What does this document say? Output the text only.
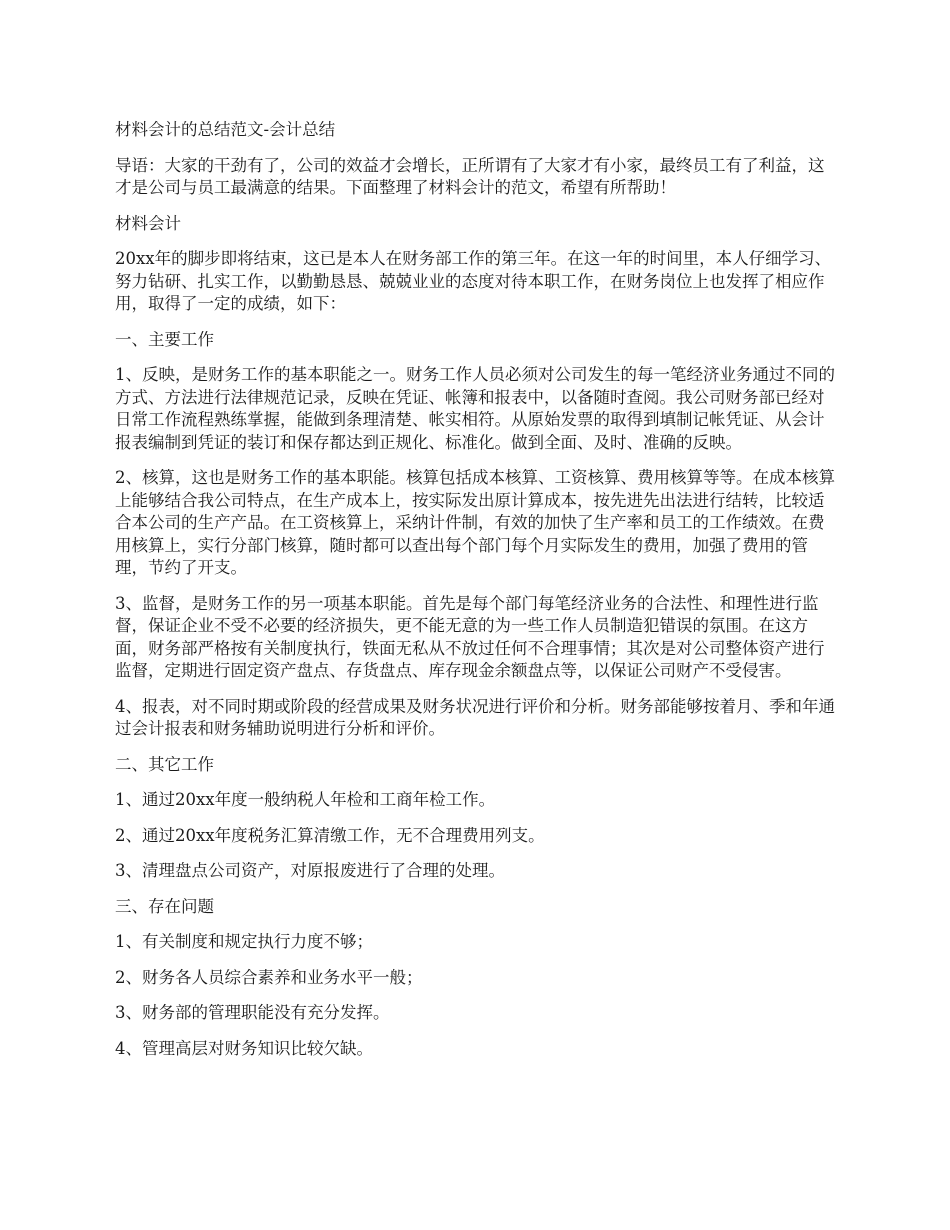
材料会计的总结范文-会计总结

导语：大家的干劲有了，公司的效益才会增长，正所谓有了大家才有小家，最终员工有了利益，这才是公司与员工最满意的结果。下面整理了材料会计的范文，希望有所帮助！

材料会计

20xx年的脚步即将结束，这已是本人在财务部工作的第三年。在这一年的时间里，本人仔细学习、努力钻研、扎实工作，以勤勤恳恳、兢兢业业的态度对待本职工作，在财务岗位上也发挥了相应作用，取得了一定的成绩，如下：

一、主要工作

1、反映，是财务工作的基本职能之一。财务工作人员必须对公司发生的每一笔经济业务通过不同的方式、方法进行法律规范记录，反映在凭证、帐簿和报表中，以备随时查阅。我公司财务部已经对日常工作流程熟练掌握，能做到条理清楚、帐实相符。从原始发票的取得到填制记帐凭证、从会计报表编制到凭证的装订和保存都达到正规化、标准化。做到全面、及时、准确的反映。

2、核算，这也是财务工作的基本职能。核算包括成本核算、工资核算、费用核算等等。在成本核算上能够结合我公司特点，在生产成本上，按实际发出原计算成本，按先进先出法进行结转，比较适合本公司的生产产品。在工资核算上，采纳计件制，有效的加快了生产率和员工的工作绩效。在费用核算上，实行分部门核算，随时都可以查出每个部门每个月实际发生的费用，加强了费用的管理，节约了开支。

3、监督，是财务工作的另一项基本职能。首先是每个部门每笔经济业务的合法性、和理性进行监督，保证企业不受不必要的经济损失，更不能无意的为一些工作人员制造犯错误的氛围。在这方面，财务部严格按有关制度执行，铁面无私从不放过任何不合理事情；其次是对公司整体资产进行监督，定期进行固定资产盘点、存货盘点、库存现金余额盘点等，以保证公司财产不受侵害。

4、报表，对不同时期或阶段的经营成果及财务状况进行评价和分析。财务部能够按着月、季和年通过会计报表和财务辅助说明进行分析和评价。

二、其它工作

1、通过20xx年度一般纳税人年检和工商年检工作。

2、通过20xx年度税务汇算清缴工作，无不合理费用列支。

3、清理盘点公司资产，对原报废进行了合理的处理。

三、存在问题

1、有关制度和规定执行力度不够；

2、财务各人员综合素养和业务水平一般；

3、财务部的管理职能没有充分发挥。

4、管理高层对财务知识比较欠缺。
